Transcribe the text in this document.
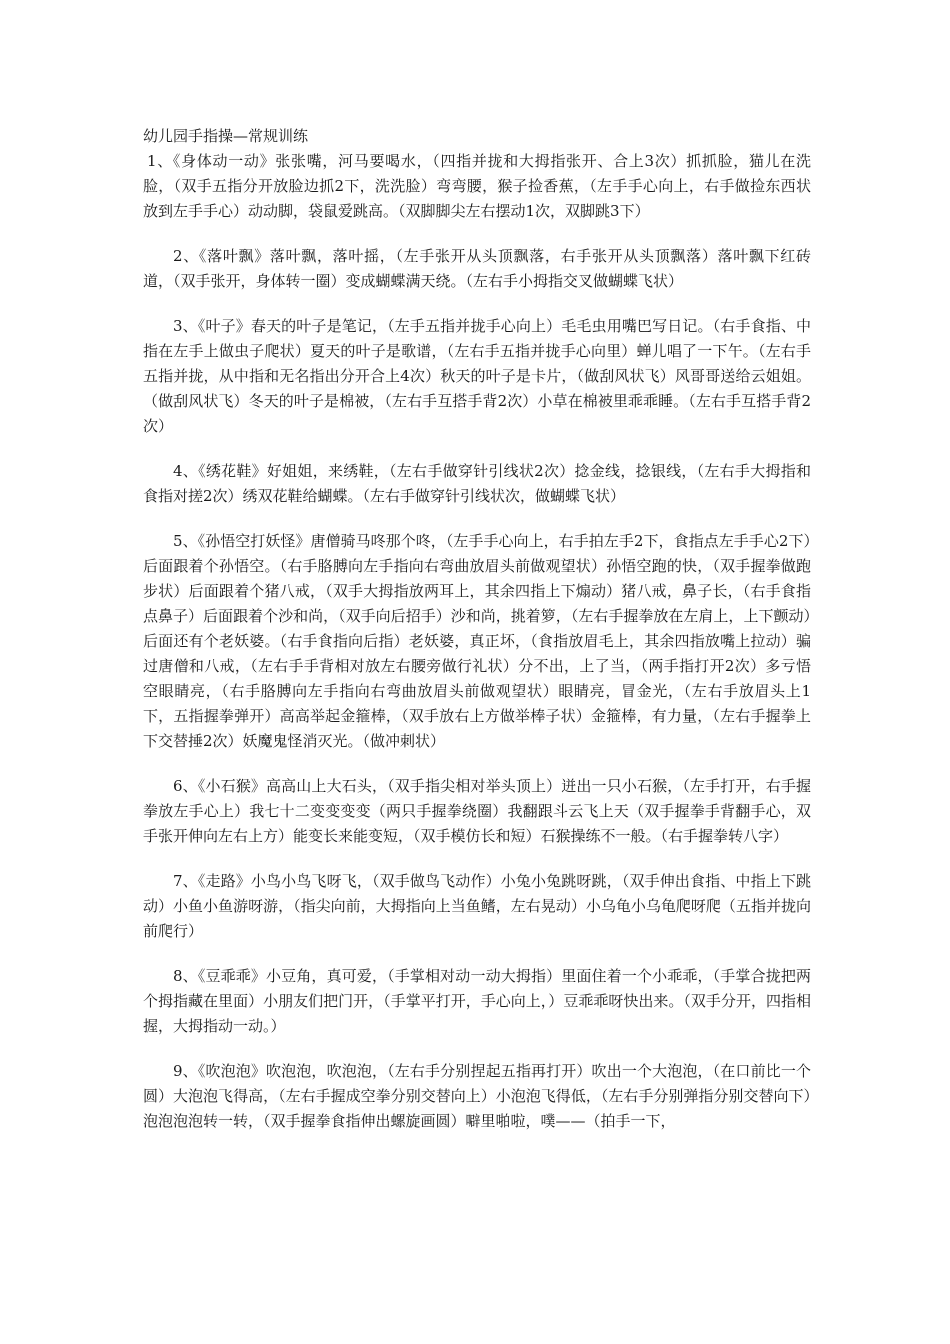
幼儿园手指操—常规训练

1、《身体动一动》张张嘴，河马要喝水，（四指并拢和大拇指张开、合上3次）抓抓脸，猫儿在洗脸，（双手五指分开放脸边抓2下，洗洗脸）弯弯腰，猴子捡香蕉，（左手手心向上，右手做捡东西状放到左手手心）动动脚，袋鼠爱跳高。（双脚脚尖左右摆动1次，双脚跳3下）

2、《落叶飘》落叶飘，落叶摇，（左手张开从头顶飘落，右手张开从头顶飘落）落叶飘下红砖道，（双手张开，身体转一圈）变成蝴蝶满天绕。（左右手小拇指交叉做蝴蝶飞状）

3、《叶子》春天的叶子是笔记，（左手五指并拢手心向上）毛毛虫用嘴巴写日记。（右手食指、中指在左手上做虫子爬状）夏天的叶子是歌谱，（左右手五指并拢手心向里）蝉儿唱了一下午。（左右手五指并拢，从中指和无名指出分开合上4次）秋天的叶子是卡片，（做刮风状飞）风哥哥送给云姐姐。（做刮风状飞）冬天的叶子是棉被，（左右手互搭手背2次）小草在棉被里乖乖睡。（左右手互搭手背2次）

4、《绣花鞋》好姐姐，来绣鞋，（左右手做穿针引线状2次）捻金线，捻银线，（左右手大拇指和食指对搓2次）绣双花鞋给蝴蝶。（左右手做穿针引线状次，做蝴蝶飞状）

5、《孙悟空打妖怪》唐僧骑马咚那个咚，（左手手心向上，右手拍左手2下，食指点左手手心2下）后面跟着个孙悟空。（右手胳膊向左手指向右弯曲放眉头前做观望状）孙悟空跑的快，（双手握拳做跑步状）后面跟着个猪八戒，（双手大拇指放两耳上，其余四指上下煽动）猪八戒，鼻子长，（右手食指点鼻子）后面跟着个沙和尚，（双手向后招手）沙和尚，挑着箩，（左右手握拳放在左肩上，上下颤动）后面还有个老妖婆。（右手食指向后指）老妖婆，真正坏，（食指放眉毛上，其余四指放嘴上拉动）骗过唐僧和八戒，（左右手手背相对放左右腰旁做行礼状）分不出，上了当，（两手指打开2次）多亏悟空眼睛亮，（右手胳膊向左手指向右弯曲放眉头前做观望状）眼睛亮，冒金光，（左右手放眉头上1下，五指握拳弹开）高高举起金箍棒，（双手放右上方做举棒子状）金箍棒，有力量，（左右手握拳上下交替捶2次）妖魔鬼怪消灭光。（做冲刺状）

6、《小石猴》高高山上大石头，（双手指尖相对举头顶上）迸出一只小石猴，（左手打开，右手握拳放左手心上）我七十二变变变变（两只手握拳绕圈）我翻跟斗云飞上天（双手握拳手背翻手心，双手张开伸向左右上方）能变长来能变短，（双手模仿长和短）石猴操练不一般。（右手握拳转八字）

7、《走路》小鸟小鸟飞呀飞，（双手做鸟飞动作）小兔小兔跳呀跳，（双手伸出食指、中指上下跳动）小鱼小鱼游呀游，（指尖向前，大拇指向上当鱼鳍，左右晃动）小乌龟小乌龟爬呀爬（五指并拢向前爬行）

8、《豆乖乖》小豆角，真可爱，（手掌相对动一动大拇指）里面住着一个小乖乖，（手掌合拢把两个拇指藏在里面）小朋友们把门开，（手掌平打开，手心向上，）豆乖乖呀快出来。（双手分开，四指相握，大拇指动一动。）

9、《吹泡泡》吹泡泡，吹泡泡，（左右手分别捏起五指再打开）吹出一个大泡泡，（在口前比一个圆）大泡泡飞得高，（左右手握成空拳分别交替向上）小泡泡飞得低，（左右手分别弹指分别交替向下）泡泡泡泡转一转，（双手握拳食指伸出螺旋画圆）噼里啪啦，噗——（拍手一下，
